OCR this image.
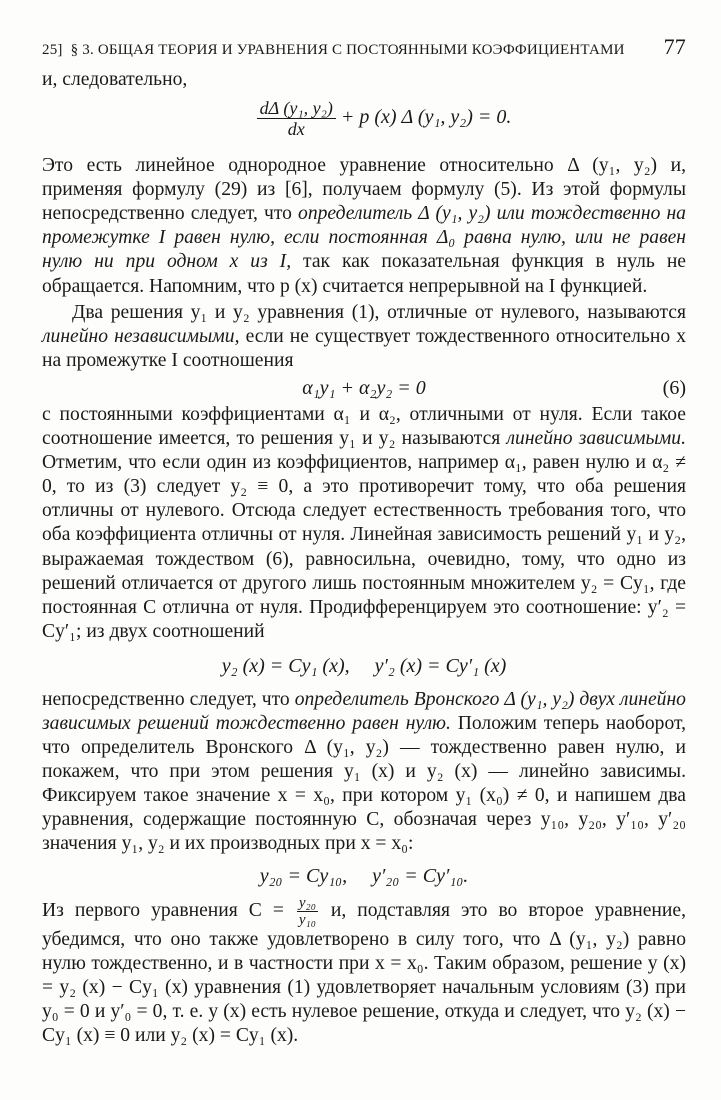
25] § 3. ОБЩАЯ ТЕОРИЯ И УРАВНЕНИЯ С ПОСТОЯННЫМИ КОЭФФИЦИЕНТАМИ 77

и, следовательно,

$\frac{\text{dΔ (y₁, y₂)}}{dx} + p$ (x) Δ (y₁, y₂) = 0.

Это есть линейное однородное уравнение относительно Δ (y₁, y₂) и, применяя формулу (29) из [6], получаем формулу (5). Из этой формулы непосредственно следует, что определитель Δ (y₁, y₂) или тождественно на промежутке I равен нулю, если постоянная Δ₀ равна нулю, или не равен нулю ни при одном x из I, так как показательная функция в нуль не обращается. Напомним, что p (x) считается непрерывной на I функцией.

Два решения y₁ и y₂ уравнения (1), отличные от нулевого, называются линейно независимыми, если не существует тождественного относительно x на промежутке I соотношения

α₁y₁ + α₂y₂ = 0	(6)

с постоянными коэффициентами α₁ и α₂, отличными от нуля. Если такое соотношение имеется, то решения y₁ и y₂ называются линейно зависимыми. Отметим, что если один из коэффициентов, например α₁, равен нулю и α₂ ≠ 0, то из (3) следует y₂ ≡ 0, а это противоречит тому, что оба решения отличны от нулевого. Отсюда следует естественность требования того, что оба коэффициента отличны от нуля. Линейная зависимость решений y₁ и y₂, выражаемая тождеством (6), равносильна, очевидно, тому, что одно из решений отличается от другого лишь постоянным множителем y₂ = Cy₁, где постоянная C отлична от нуля. Продифференцируем это соотношение: y′₂ = Cy′₁; из двух соотношений

y₂ (x) = Cy₁ (x),     y′₂ (x) = Cy′₁ (x)

непосредственно следует, что определитель Вронского Δ (y₁, y₂) двух линейно зависимых решений тождественно равен нулю. Положим теперь наоборот, что определитель Вронского Δ (y₁, y₂) — тождественно равен нулю, и покажем, что при этом решения y₁ (x) и y₂ (x) — линейно зависимы. Фиксируем такое значение x = x₀, при котором y₁ (x₀) ≠ 0, и напишем два уравнения, содержащие постоянную C, обозначая через y₁₀, y₂₀, y′₁₀, y′₂₀ значения y₁, y₂ и их производных при x = x₀:

y₂₀ = Cy₁₀,     y′₂₀ = Cy′₁₀.

Из первого уравнения $C = \frac{\text{y₂₀}}{\text{y₁₀}} и$, подставляя это во второе уравнение, убедимся, что оно также удовлетворено в силу того, что Δ (y₁, y₂) равно нулю тождественно, и в частности при x = x₀. Таким образом, решение y (x) = y₂ (x) − Cy₁ (x) уравнения (1) удовлетворяет начальным условиям (3) при y₀ = 0 и y′₀ = 0, т. е. y (x) есть нулевое решение, откуда и следует, что y₂ (x) − Cy₁ (x) ≡ 0 или y₂ (x) = Cy₁ (x).
